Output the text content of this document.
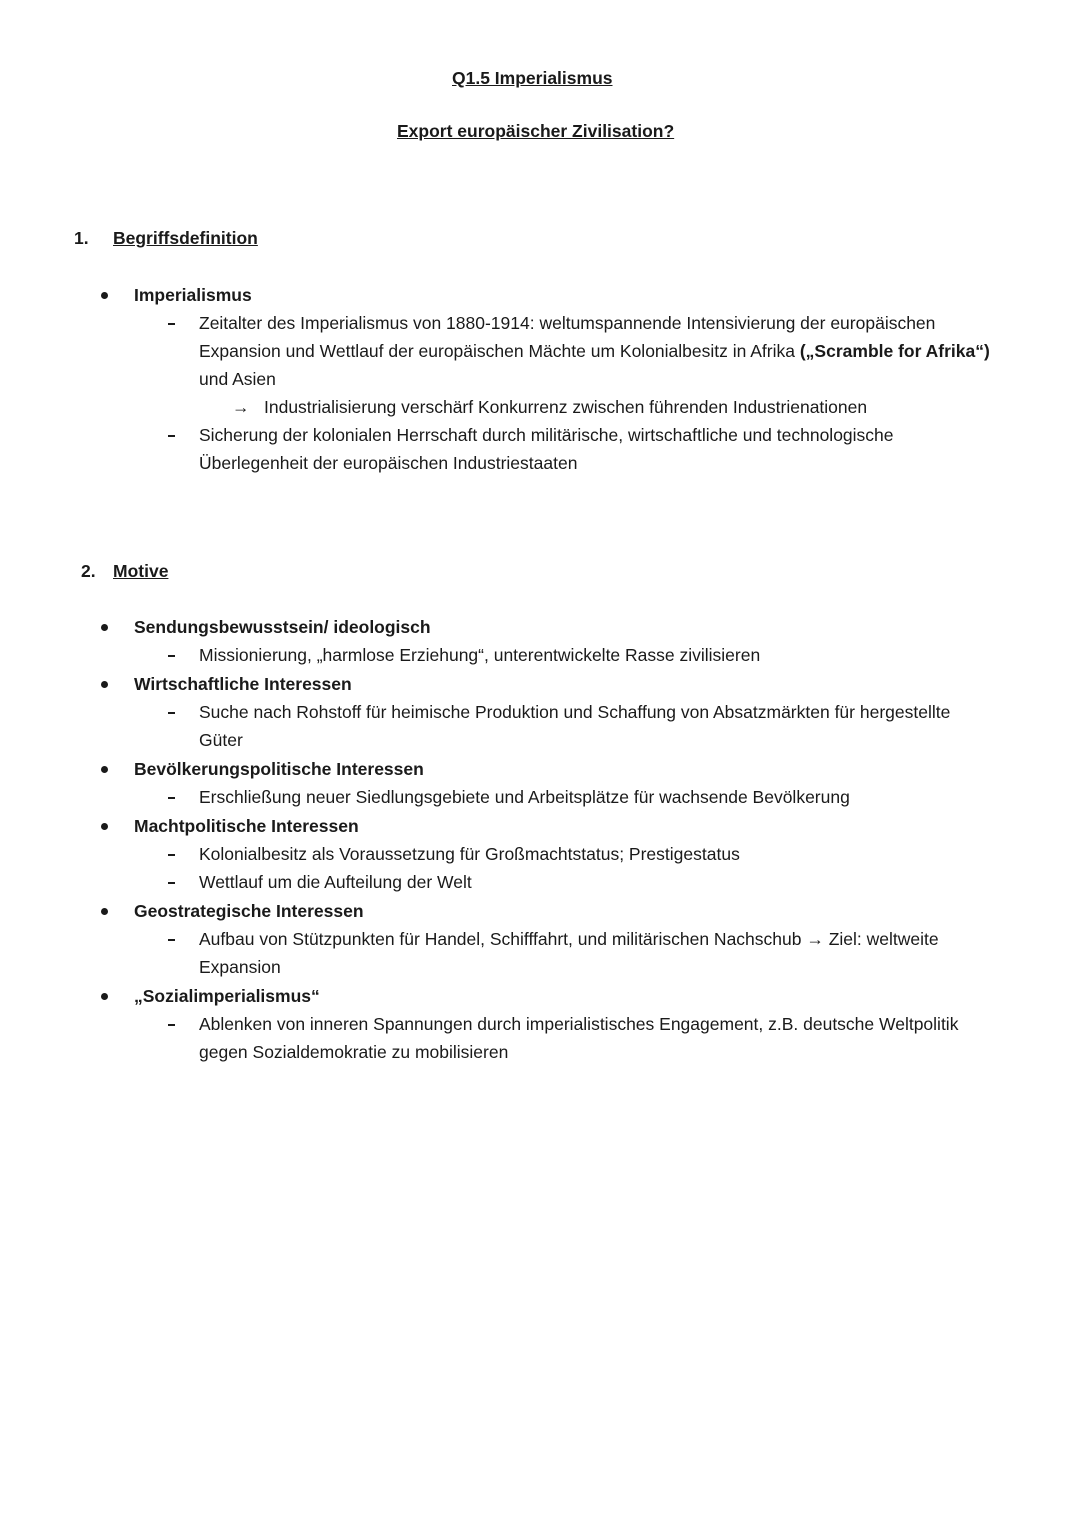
Q1.5 Imperialismus
Export europäischer Zivilisation?
1. Begriffsdefinition
Imperialismus
Zeitalter des Imperialismus von 1880-1914: weltumspannende Intensivierung der europäischen
Expansion und Wettlauf der europäischen Mächte um Kolonialbesitz in Afrika („Scramble for Afrika“)
und Asien
→ Industrialisierung verschärf Konkurrenz zwischen führenden Industrienationen
Sicherung der kolonialen Herrschaft durch militärische, wirtschaftliche und technologische
Überlegenheit der europäischen Industriestaaten
2. Motive
Sendungsbewusstsein/ ideologisch
Missionierung, „harmlose Erziehung“, unterentwickelte Rasse zivilisieren
Wirtschaftliche Interessen
Suche nach Rohstoff für heimische Produktion und Schaffung von Absatzmärkten für hergestellte
Güter
Bevölkerungspolitische Interessen
Erschließung neuer Siedlungsgebiete und Arbeitsplätze für wachsende Bevölkerung
Machtpolitische Interessen
Kolonialbesitz als Voraussetzung für Großmachtstatus; Prestigestatus
Wettlauf um die Aufteilung der Welt
Geostrategische Interessen
Aufbau von Stützpunkten für Handel, Schifffahrt, und militärischen Nachschub → Ziel: weltweite
Expansion
„Sozialimperialismus“
Ablenken von inneren Spannungen durch imperialistisches Engagement, z.B. deutsche Weltpolitik
gegen Sozialdemokratie zu mobilisieren
